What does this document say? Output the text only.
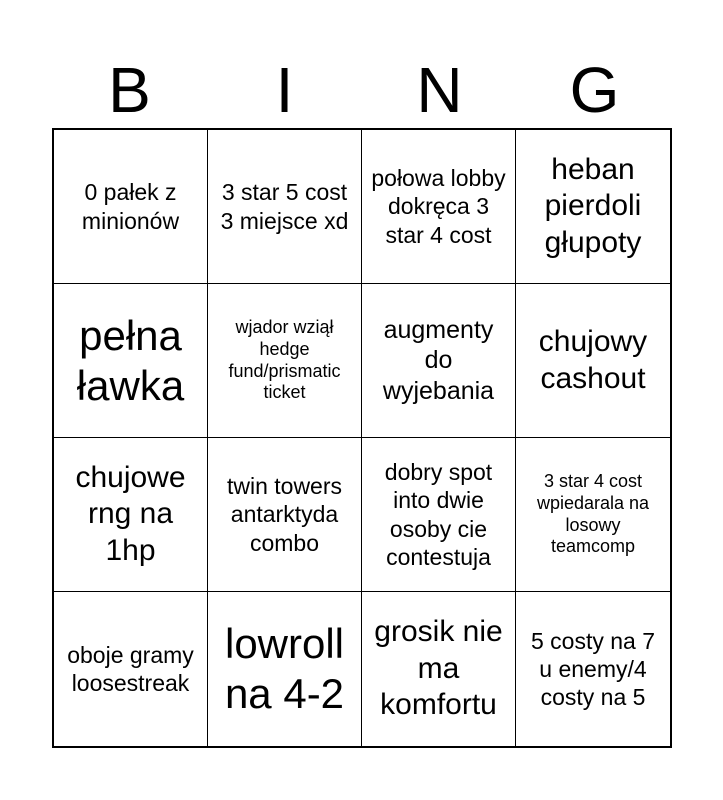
B	I	N	G
0 pałek z minionów
3 star 5 cost 3 miejsce xd
połowa lobby dokręca 3 star 4 cost
heban pierdoli głupoty
pełna ławka
wjador wziął hedge fund/prismatic ticket
augmenty do wyjebania
chujowy cashout
chujowe rng na 1hp
twin towers antarktyda combo
dobry spot into dwie osoby cie contestuja
3 star 4 cost wpiedarala na losowy teamcomp
oboje gramy loosestreak
lowroll na 4-2
grosik nie ma komfortu
5 costy na 7 u enemy/4 costy na 5
